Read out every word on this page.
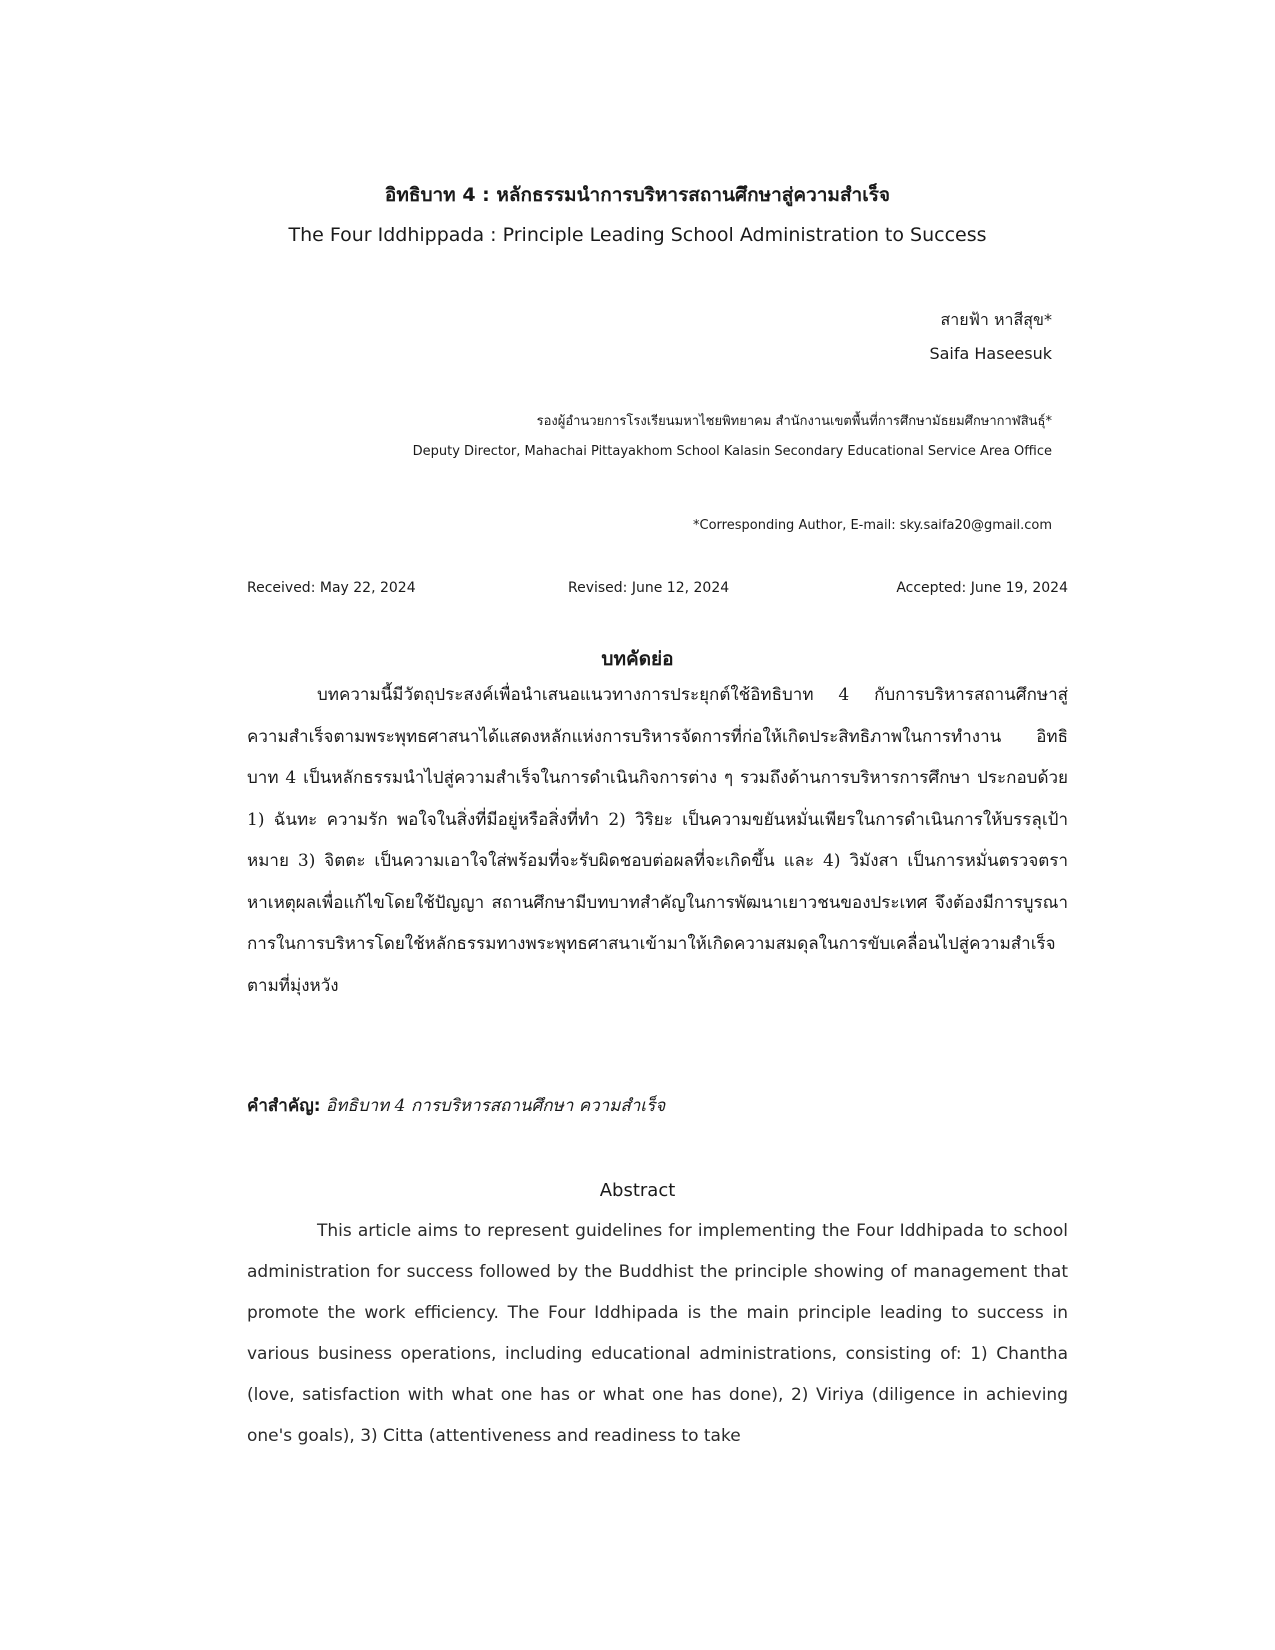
อิทธิบาท 4 : หลักธรรมนำการบริหารสถานศึกษาสู่ความสำเร็จ
The Four Iddhippada : Principle Leading School Administration to Success
สายฟ้า หาสีสุข*
Saifa Haseesuk
รองผู้อำนวยการโรงเรียนมหาไชยพิทยาคม สำนักงานเขตพื้นที่การศึกษามัธยมศึกษากาฬสินธุ์*
Deputy Director, Mahachai Pittayakhom School Kalasin Secondary Educational Service Area Office
*Corresponding Author, E-mail: sky.saifa20@gmail.com
Received: May 22, 2024	Revised: June 12, 2024	Accepted: June 19, 2024
บทคัดย่อ

บทความนี้มีวัตถุประสงค์เพื่อนำเสนอแนวทางการประยุกต์ใช้อิทธิบาท 4 กับการบริหารสถานศึกษาสู่ความสำเร็จตามพระพุทธศาสนาได้แสดงหลักแห่งการบริหารจัดการที่ก่อให้เกิดประสิทธิภาพในการทำงาน อิทธิบาท 4 เป็นหลักธรรมนำไปสู่ความสำเร็จในการดำเนินกิจการต่าง ๆ รวมถึงด้านการบริหารการศึกษา ประกอบด้วย 1) ฉันทะ ความรัก พอใจในสิ่งที่มีอยู่หรือสิ่งที่ทำ 2) วิริยะ เป็นความขยันหมั่นเพียรในการดำเนินการให้บรรลุเป้าหมาย 3) จิตตะ เป็นความเอาใจใส่พร้อมที่จะรับผิดชอบต่อผลที่จะเกิดขึ้น และ 4) วิมังสา เป็นการหมั่นตรวจตราหาเหตุผลเพื่อแก้ไขโดยใช้ปัญญา สถานศึกษามีบทบาทสำคัญในการพัฒนาเยาวชนของประเทศ จึงต้องมีการบูรณาการในการบริหารโดยใช้หลักธรรมทางพระพุทธศาสนาเข้ามาให้เกิดความสมดุลในการขับเคลื่อนไปสู่ความสำเร็จตามที่มุ่งหวัง

คำสำคัญ: อิทธิบาท 4 การบริหารสถานศึกษา ความสำเร็จ
Abstract

This article aims to represent guidelines for implementing the Four Iddhipada to school administration for success followed by the Buddhist the principle showing of management that promote the work efficiency. The Four Iddhipada is the main principle leading to success in various business operations, including educational administrations, consisting of: 1) Chantha (love, satisfaction with what one has or what one has done), 2) Viriya (diligence in achieving one's goals), 3) Citta (attentiveness and readiness to take
